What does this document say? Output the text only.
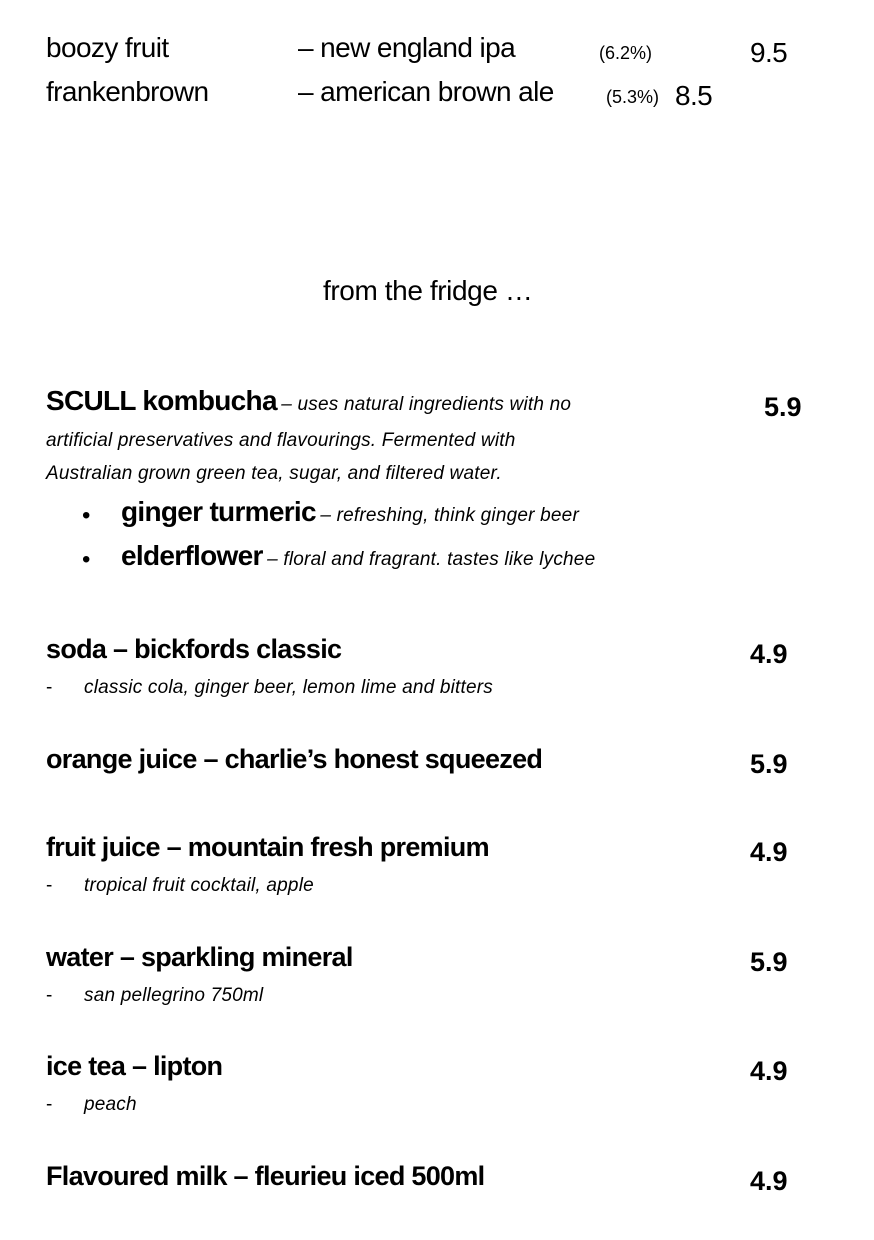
boozy fruit	– new england ipa	(6.2%)	9.5
frankenbrown	– american brown ale	(5.3%) 8.5
from the fridge …
SCULL kombucha – uses natural ingredients with no	5.9
artificial preservatives and flavourings. Fermented with
Australian grown green tea, sugar, and filtered water.
• ginger turmeric – refreshing, think ginger beer
• elderflower – floral and fragrant. tastes like lychee
soda – bickfords classic	4.9
- classic cola, ginger beer, lemon lime and bitters
orange juice – charlie’s honest squeezed	5.9
fruit juice – mountain fresh premium	4.9
- tropical fruit cocktail, apple
water – sparkling mineral	5.9
- san pellegrino 750ml
ice tea – lipton	4.9
- peach
Flavoured milk – fleurieu iced 500ml	4.9
